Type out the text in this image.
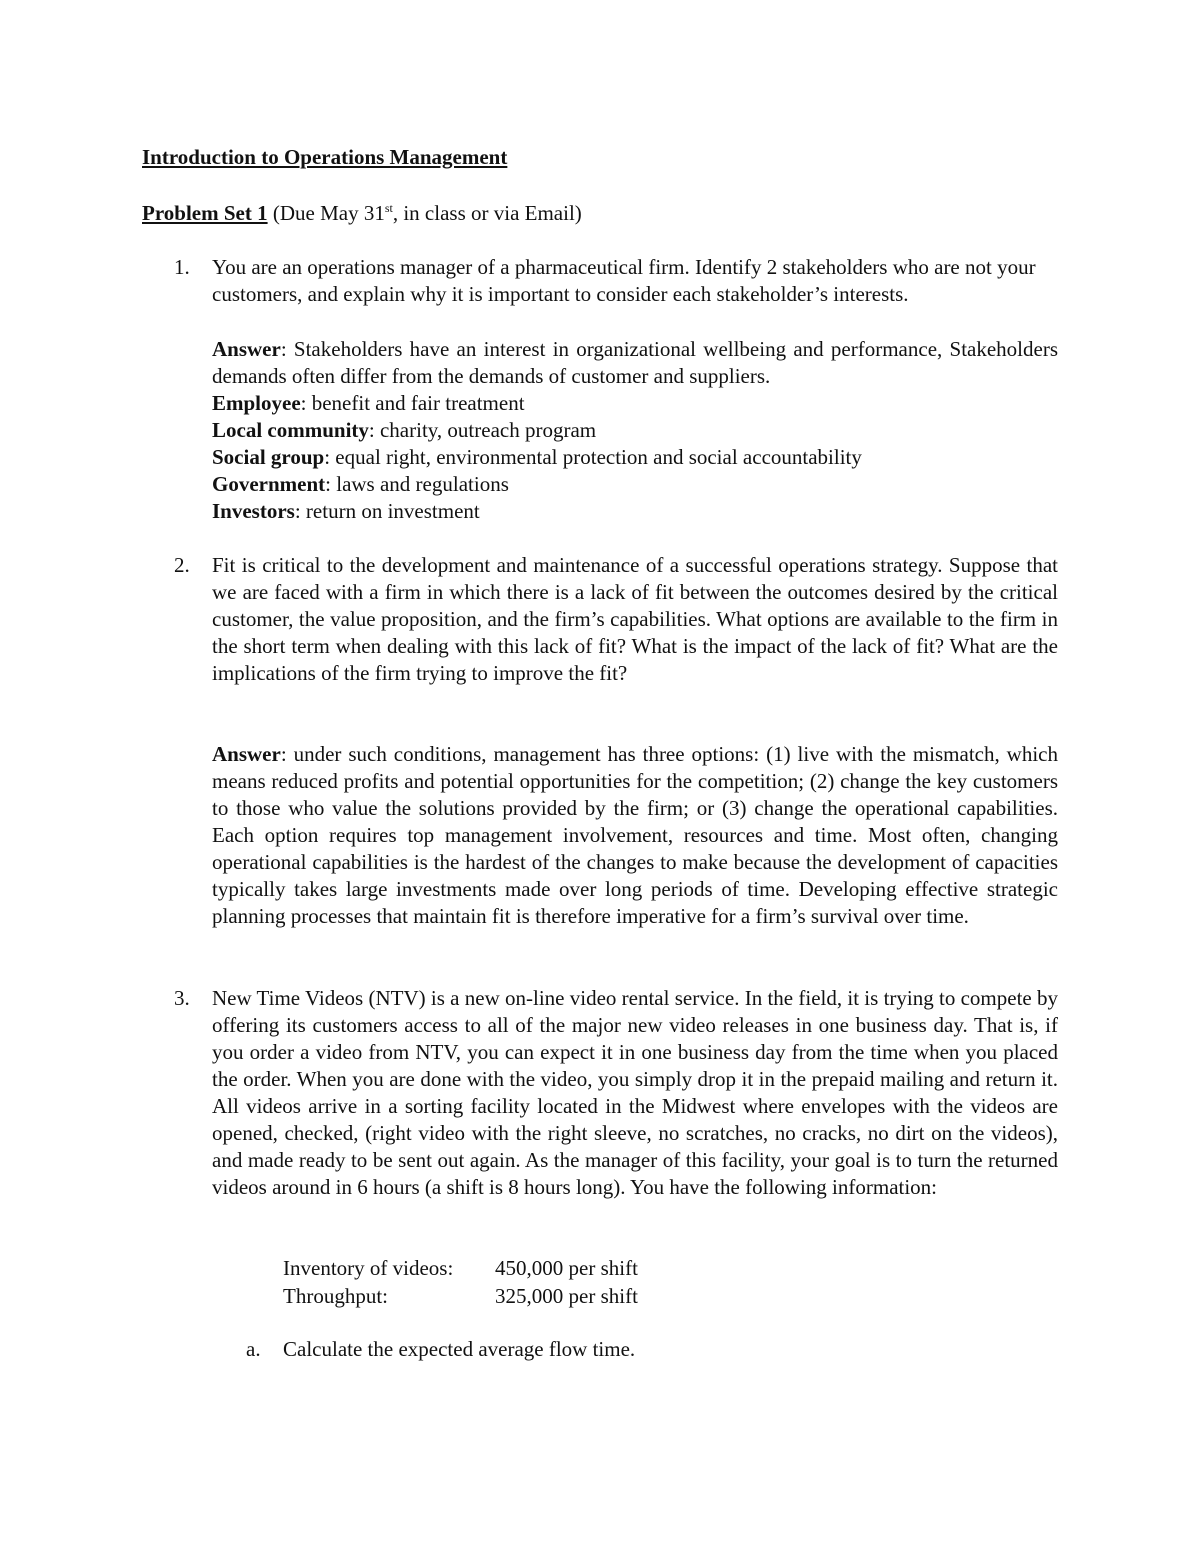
Introduction to Operations Management
Problem Set 1 (Due May 31st, in class or via Email)
1. You are an operations manager of a pharmaceutical firm. Identify 2 stakeholders who are not your customers, and explain why it is important to consider each stakeholder’s interests.

Answer: Stakeholders have an interest in organizational wellbeing and performance, Stakeholders demands often differ from the demands of customer and suppliers.

Employee: benefit and fair treatment
Local community: charity, outreach program
Social group: equal right, environmental protection and social accountability
Government: laws and regulations
Investors: return on investment
2. Fit is critical to the development and maintenance of a successful operations strategy. Suppose that we are faced with a firm in which there is a lack of fit between the outcomes desired by the critical customer, the value proposition, and the firm’s capabilities. What options are available to the firm in the short term when dealing with this lack of fit? What is the impact of the lack of fit? What are the implications of the firm trying to improve the fit?

Answer: under such conditions, management has three options: (1) live with the mismatch, which means reduced profits and potential opportunities for the competition; (2) change the key customers to those who value the solutions provided by the firm; or (3) change the operational capabilities. Each option requires top management involvement, resources and time. Most often, changing operational capabilities is the hardest of the changes to make because the development of capacities typically takes large investments made over long periods of time. Developing effective strategic planning processes that maintain fit is therefore imperative for a firm’s survival over time.

3. New Time Videos (NTV) is a new on-line video rental service. In the field, it is trying to compete by offering its customers access to all of the major new video releases in one business day. That is, if you order a video from NTV, you can expect it in one business day from the time when you placed the order. When you are done with the video, you simply drop it in the prepaid mailing and return it. All videos arrive in a sorting facility located in the Midwest where envelopes with the videos are opened, checked, (right video with the right sleeve, no scratches, no cracks, no dirt on the videos), and made ready to be sent out again. As the manager of this facility, your goal is to turn the returned videos around in 6 hours (a shift is 8 hours long). You have the following information:

Inventory of videos:	450,000 per shift
Throughput:	325,000 per shift
a. Calculate the expected average flow time.
